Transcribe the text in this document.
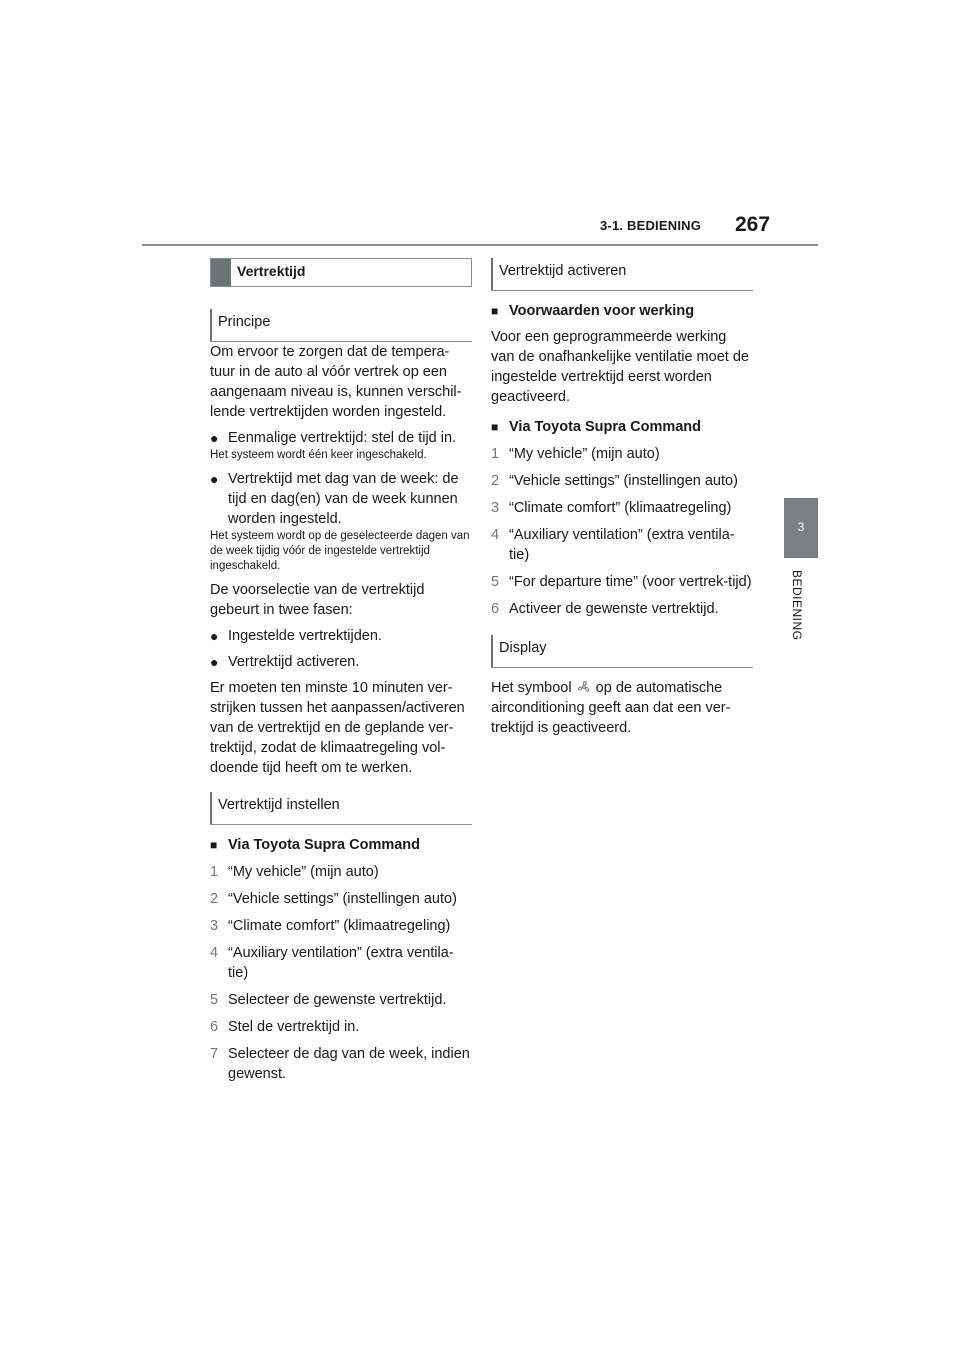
3-1. BEDIENING 267
3
BEDIENING
Vertrektijd
Principe

Om ervoor te zorgen dat de tempera-tuur in de auto al vóór vertrek op een aangenaam niveau is, kunnen verschil-lende vertrektijden worden ingesteld.

● Eenmalige vertrektijd: stel de tijd in.

Het systeem wordt één keer ingeschakeld.

● Vertrektijd met dag van de week: de tijd en dag(en) van de week kunnen worden ingesteld.

Het systeem wordt op de geselecteerde dagen van de week tijdig vóór de ingestelde vertrektijd ingeschakeld.

De voorselectie van de vertrektijd gebeurt in twee fasen:

● Ingestelde vertrektijden.
● Vertrektijd activeren.

Er moeten ten minste 10 minuten ver-strijken tussen het aanpassen/activeren van de vertrektijd en de geplande ver-trektijd, zodat de klimaatregeling vol-doende tijd heeft om te werken.

Vertrektijd instellen
■ Via Toyota Supra Command
1 “My vehicle” (mijn auto)
2 “Vehicle settings” (instellingen auto)
3 “Climate comfort” (klimaatregeling)
4 “Auxiliary ventilation” (extra ventila-tie)
5 Selecteer de gewenste vertrektijd.
6 Stel de vertrektijd in.
7 Selecteer de dag van de week, indien gewenst.
Vertrektijd activeren
■ Voorwaarden voor werking

Voor een geprogrammeerde werking van de onafhankelijke ventilatie moet de ingestelde vertrektijd eerst worden geactiveerd.

■ Via Toyota Supra Command
1 “My vehicle” (mijn auto)
2 “Vehicle settings” (instellingen auto)
3 “Climate comfort” (klimaatregeling)
4 “Auxiliary ventilation” (extra ventila-tie)
5 “For departure time” (voor vertrek-tijd)
6 Activeer de gewenste vertrektijd.
Display

Het symbool op de automatische airconditioning geeft aan dat een ver-trektijd is geactiveerd.
